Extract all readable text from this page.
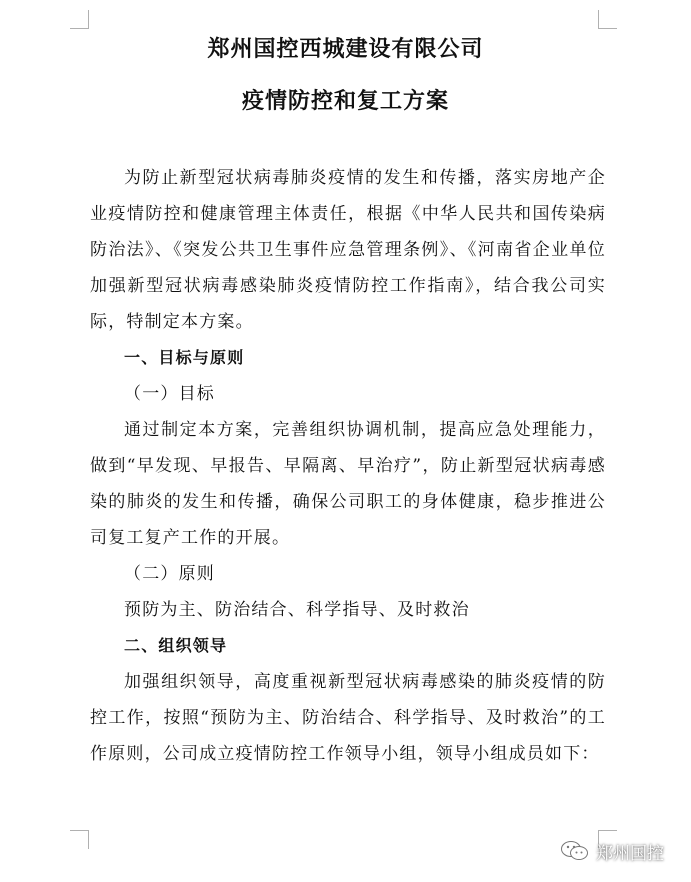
郑州国控西城建设有限公司
疫情防控和复工方案

为防止新型冠状病毒肺炎疫情的发生和传播，落实房地产企业疫情防控和健康管理主体责任，根据《中华人民共和国传染病防治法》、《突发公共卫生事件应急管理条例》、《河南省企业单位加强新型冠状病毒感染肺炎疫情防控工作指南》，结合我公司实际，特制定本方案。

一、目标与原则

（一）目标

通过制定本方案，完善组织协调机制，提高应急处理能力，做到“早发现、早报告、早隔离、早治疗”，防止新型冠状病毒感染的肺炎的发生和传播，确保公司职工的身体健康，稳步推进公司复工复产工作的开展。

（二）原则

预防为主、防治结合、科学指导、及时救治

二、组织领导

加强组织领导，高度重视新型冠状病毒感染的肺炎疫情的防控工作，按照“预防为主、防治结合、科学指导、及时救治”的工作原则，公司成立疫情防控工作领导小组，领导小组成员如下：

郑州国控
